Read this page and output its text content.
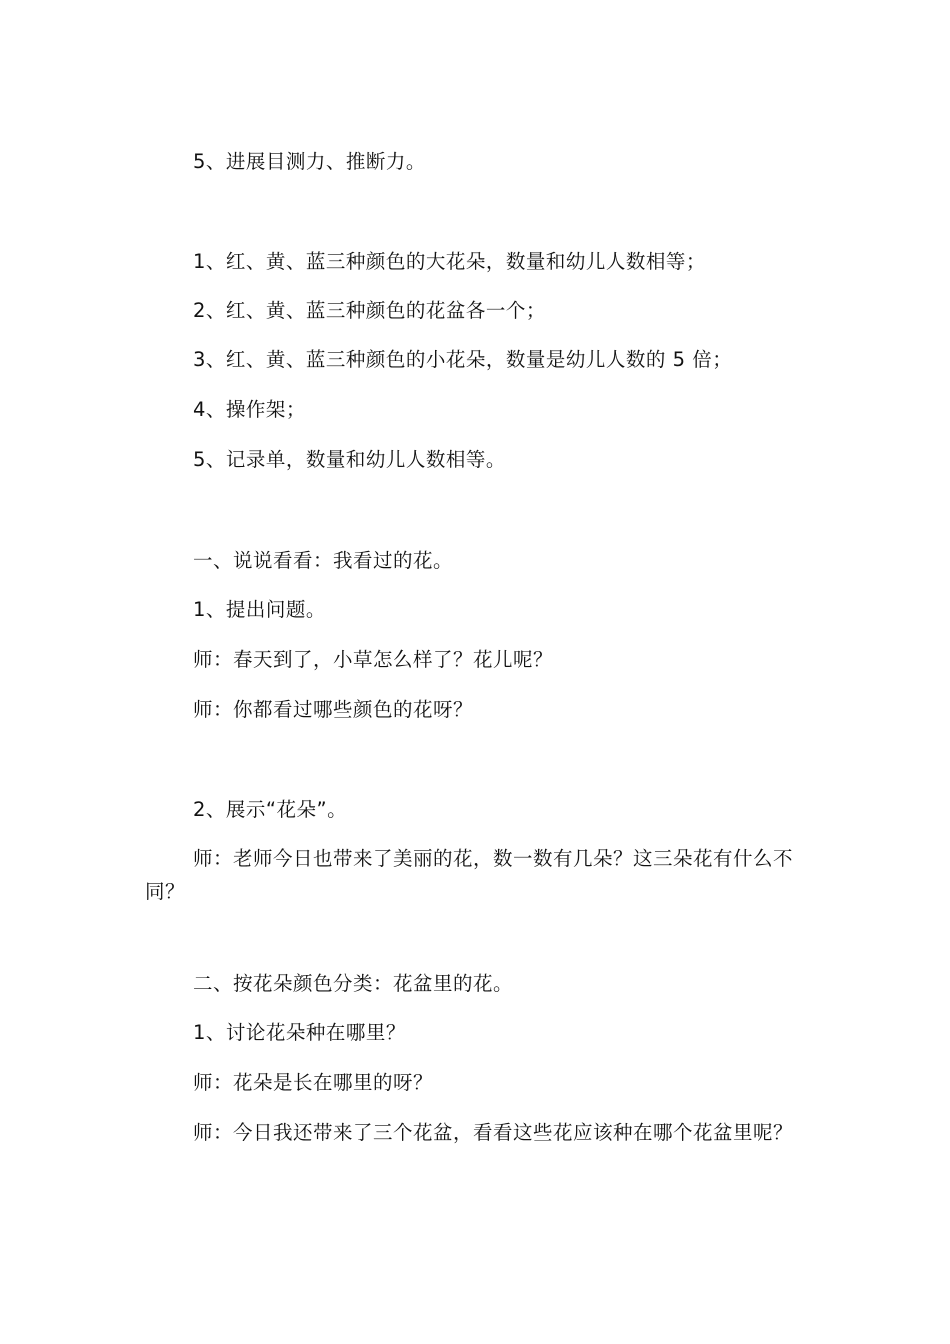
5、进展目测力、推断力。
1、红、黄、蓝三种颜色的大花朵，数量和幼儿人数相等；
2、红、黄、蓝三种颜色的花盆各一个；
3、红、黄、蓝三种颜色的小花朵，数量是幼儿人数的 5 倍；
4、操作架；
5、记录单，数量和幼儿人数相等。
一、说说看看：我看过的花。
1、提出问题。
师：春天到了，小草怎么样了？花儿呢？
师：你都看过哪些颜色的花呀？
2、展示“花朵”。
师：老师今日也带来了美丽的花，数一数有几朵？这三朵花有什么不同？
二、按花朵颜色分类：花盆里的花。
1、讨论花朵种在哪里？
师：花朵是长在哪里的呀？
师：今日我还带来了三个花盆，看看这些花应该种在哪个花盆里呢？
